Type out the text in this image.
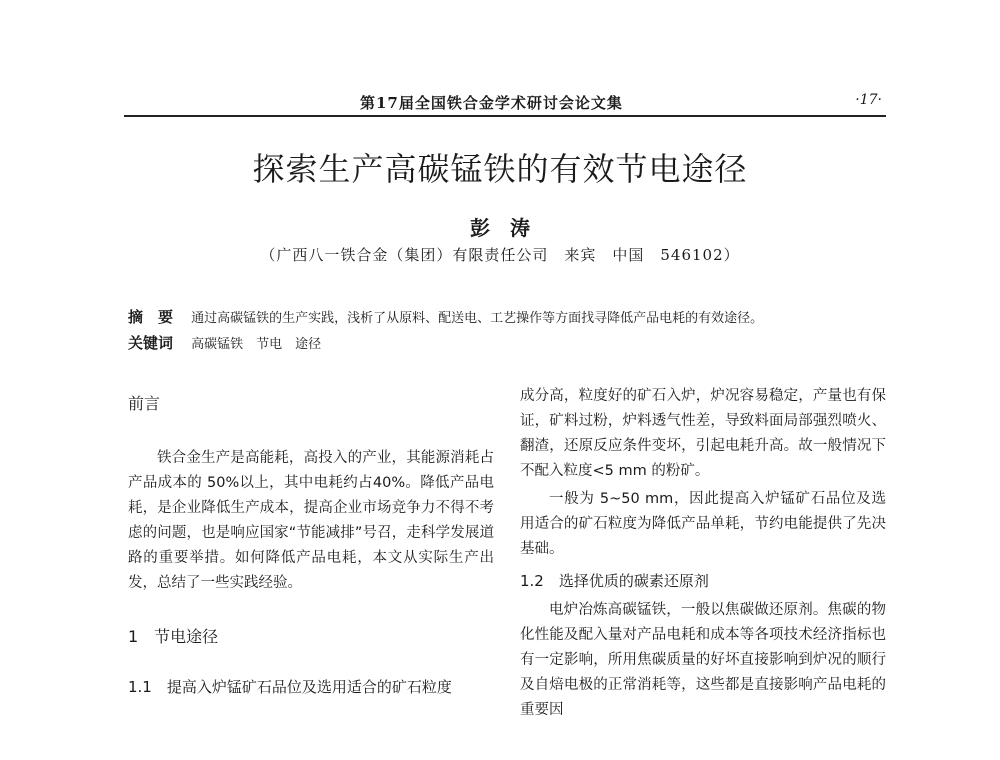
第17届全国铁合金学术研讨会论文集	·17·
探索生产高碳锰铁的有效节电途径
彭　涛
（广西八一铁合金（集团）有限责任公司　来宾　中国　546102）
摘　要 通过高碳锰铁的生产实践，浅析了从原料、配送电、工艺操作等方面找寻降低产品电耗的有效途径。
关键词 高碳锰铁　节电　途径

前言

铁合金生产是高能耗，高投入的产业，其能源消耗占产品成本的 50%以上，其中电耗约占40%。降低产品电耗，是企业降低生产成本，提高企业市场竞争力不得不考虑的问题，也是响应国家“节能减排”号召，走科学发展道路的重要举措。如何降低产品电耗，本文从实际生产出发，总结了一些实践经验。

1　节电途径

1.1　提高入炉锰矿石品位及选用适合的矿石粒度

成分高，粒度好的矿石入炉，炉况容易稳定，产量也有保证，矿料过粉，炉料透气性差，导致料面局部强烈喷火、翻渣，还原反应条件变坏，引起电耗升高。故一般情况下不配入粒度<5 mm 的粉矿。

一般为 5~50 mm，因此提高入炉锰矿石品位及选用适合的矿石粒度为降低产品单耗，节约电能提供了先决基础。

1.2　选择优质的碳素还原剂

电炉冶炼高碳锰铁，一般以焦碳做还原剂。焦碳的物化性能及配入量对产品电耗和成本等各项技术经济指标也有一定影响，所用焦碳质量的好坏直接影响到炉况的顺行及自焙电极的正常消耗等，这些都是直接影响产品电耗的重要因
